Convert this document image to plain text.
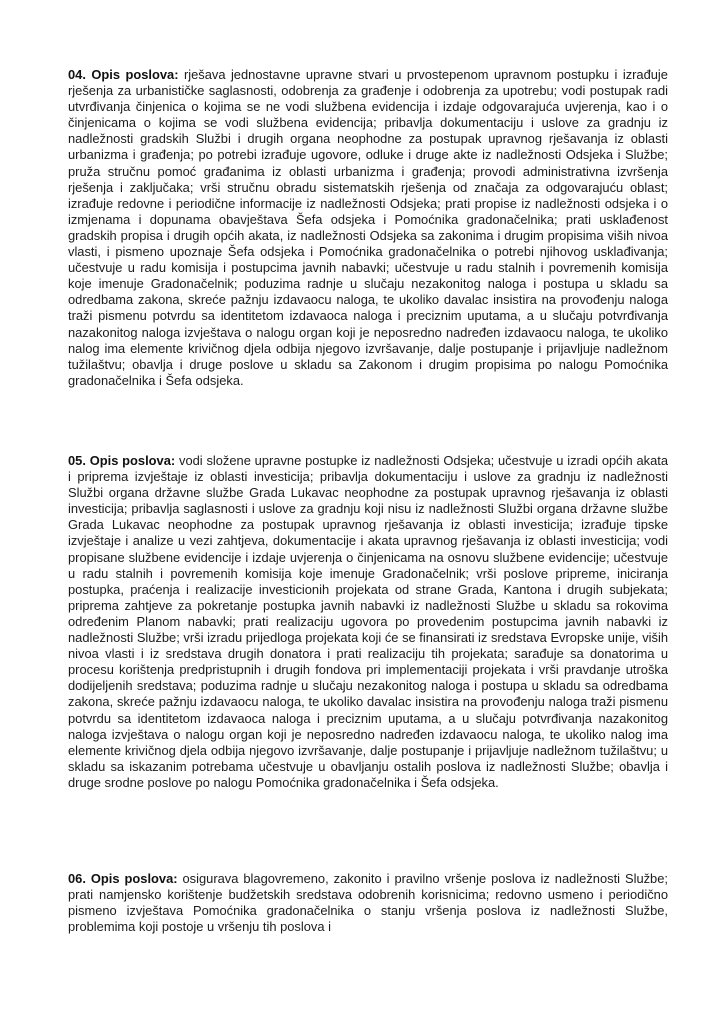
04. Opis poslova: rješava jednostavne upravne stvari u prvostepenom upravnom postupku i izrađuje rješenja za urbanističke saglasnosti, odobrenja za građenje i odobrenja za upotrebu; vodi postupak radi utvrđivanja činjenica o kojima se ne vodi službena evidencija i izdaje odgovarajuća uvjerenja, kao i o činjenicama o kojima se vodi službena evidencija; pribavlja dokumentaciju i uslove za gradnju iz nadležnosti gradskih Službi i drugih organa neophodne za postupak upravnog rješavanja iz oblasti urbanizma i građenja; po potrebi izrađuje ugovore, odluke i druge akte iz nadležnosti Odsjeka i Službe; pruža stručnu pomoć građanima iz oblasti urbanizma i građenja; provodi administrativna izvršenja rješenja i zaključaka; vrši stručnu obradu sistematskih rješenja od značaja za odgovarajuću oblast; izrađuje redovne i periodične informacije iz nadležnosti Odsjeka; prati propise iz nadležnosti odsjeka i o izmjenama i dopunama obavještava Šefa odsjeka i Pomoćnika gradonačelnika; prati usklađenost gradskih propisa i drugih općih akata, iz nadležnosti Odsjeka sa zakonima i drugim propisima viših nivoa vlasti, i pismeno upoznaje Šefa odsjeka i Pomoćnika gradonačelnika o potrebi njihovog usklađivanja; učestvuje u radu komisija i postupcima javnih nabavki; učestvuje u radu stalnih i povremenih komisija koje imenuje Gradonačelnik; poduzima radnje u slučaju nezakonitog naloga i postupa u skladu sa odredbama zakona, skreće pažnju izdavaocu naloga, te ukoliko davalac insistira na provođenju naloga traži pismenu potvrdu sa identitetom izdavaoca naloga i preciznim uputama, a u slučaju potvrđivanja nazakonitog naloga izvještava o nalogu organ koji je neposredno nadređen izdavaocu naloga, te ukoliko nalog ima elemente krivičnog djela odbija njegovo izvršavanje, dalje postupanje i prijavljuje nadležnom tužilaštvu; obavlja i druge poslove u skladu sa Zakonom i drugim propisima po nalogu Pomoćnika gradonačelnika i Šefa odsjeka.
05. Opis poslova: vodi složene upravne postupke iz nadležnosti Odsjeka; učestvuje u izradi općih akata i priprema izvještaje iz oblasti investicija; pribavlja dokumentaciju i uslove za gradnju iz nadležnosti Službi organa državne službe Grada Lukavac neophodne za postupak upravnog rješavanja iz oblasti investicija; pribavlja saglasnosti i uslove za gradnju koji nisu iz nadležnosti Službi organa državne službe Grada Lukavac neophodne za postupak upravnog rješavanja iz oblasti investicija; izrađuje tipske izvještaje i analize u vezi zahtjeva, dokumentacije i akata upravnog rješavanja iz oblasti investicija; vodi propisane službene evidencije i izdaje uvjerenja o činjenicama na osnovu službene evidencije; učestvuje u radu stalnih i povremenih komisija koje imenuje Gradonačelnik; vrši poslove pripreme, iniciranja postupka, praćenja i realizacije investicionih projekata od strane Grada, Kantona i drugih subjekata; priprema zahtjeve za pokretanje postupka javnih nabavki iz nadležnosti Službe u skladu sa rokovima određenim Planom nabavki; prati realizaciju ugovora po provedenim postupcima javnih nabavki iz nadležnosti Službe; vrši izradu prijedloga projekata koji će se finansirati iz sredstava Evropske unije, viših nivoa vlasti i iz sredstava drugih donatora i prati realizaciju tih projekata; sarađuje sa donatorima u procesu korištenja predpristupnih i drugih fondova pri implementaciji projekata i vrši pravdanje utroška dodijeljenih sredstava; poduzima radnje u slučaju nezakonitog naloga i postupa u skladu sa odredbama zakona, skreće pažnju izdavaocu naloga, te ukoliko davalac insistira na provođenju naloga traži pismenu potvrdu sa identitetom izdavaoca naloga i preciznim uputama, a u slučaju potvrđivanja nazakonitog naloga izvještava o nalogu organ koji je neposredno nadređen izdavaocu naloga, te ukoliko nalog ima elemente krivičnog djela odbija njegovo izvršavanje, dalje postupanje i prijavljuje nadležnom tužilaštvu; u skladu sa iskazanim potrebama učestvuje u obavljanju ostalih poslova iz nadležnosti Službe; obavlja i druge srodne poslove po nalogu Pomoćnika gradonačelnika i Šefa odsjeka.
06. Opis poslova: osigurava blagovremeno, zakonito i pravilno vršenje poslova iz nadležnosti Službe; prati namjensko korištenje budžetskih sredstava odobrenih korisnicima; redovno usmeno i periodično pismeno izvještava Pomoćnika gradonačelnika o stanju vršenja poslova iz nadležnosti Službe, problemima koji postoje u vršenju tih poslova i
